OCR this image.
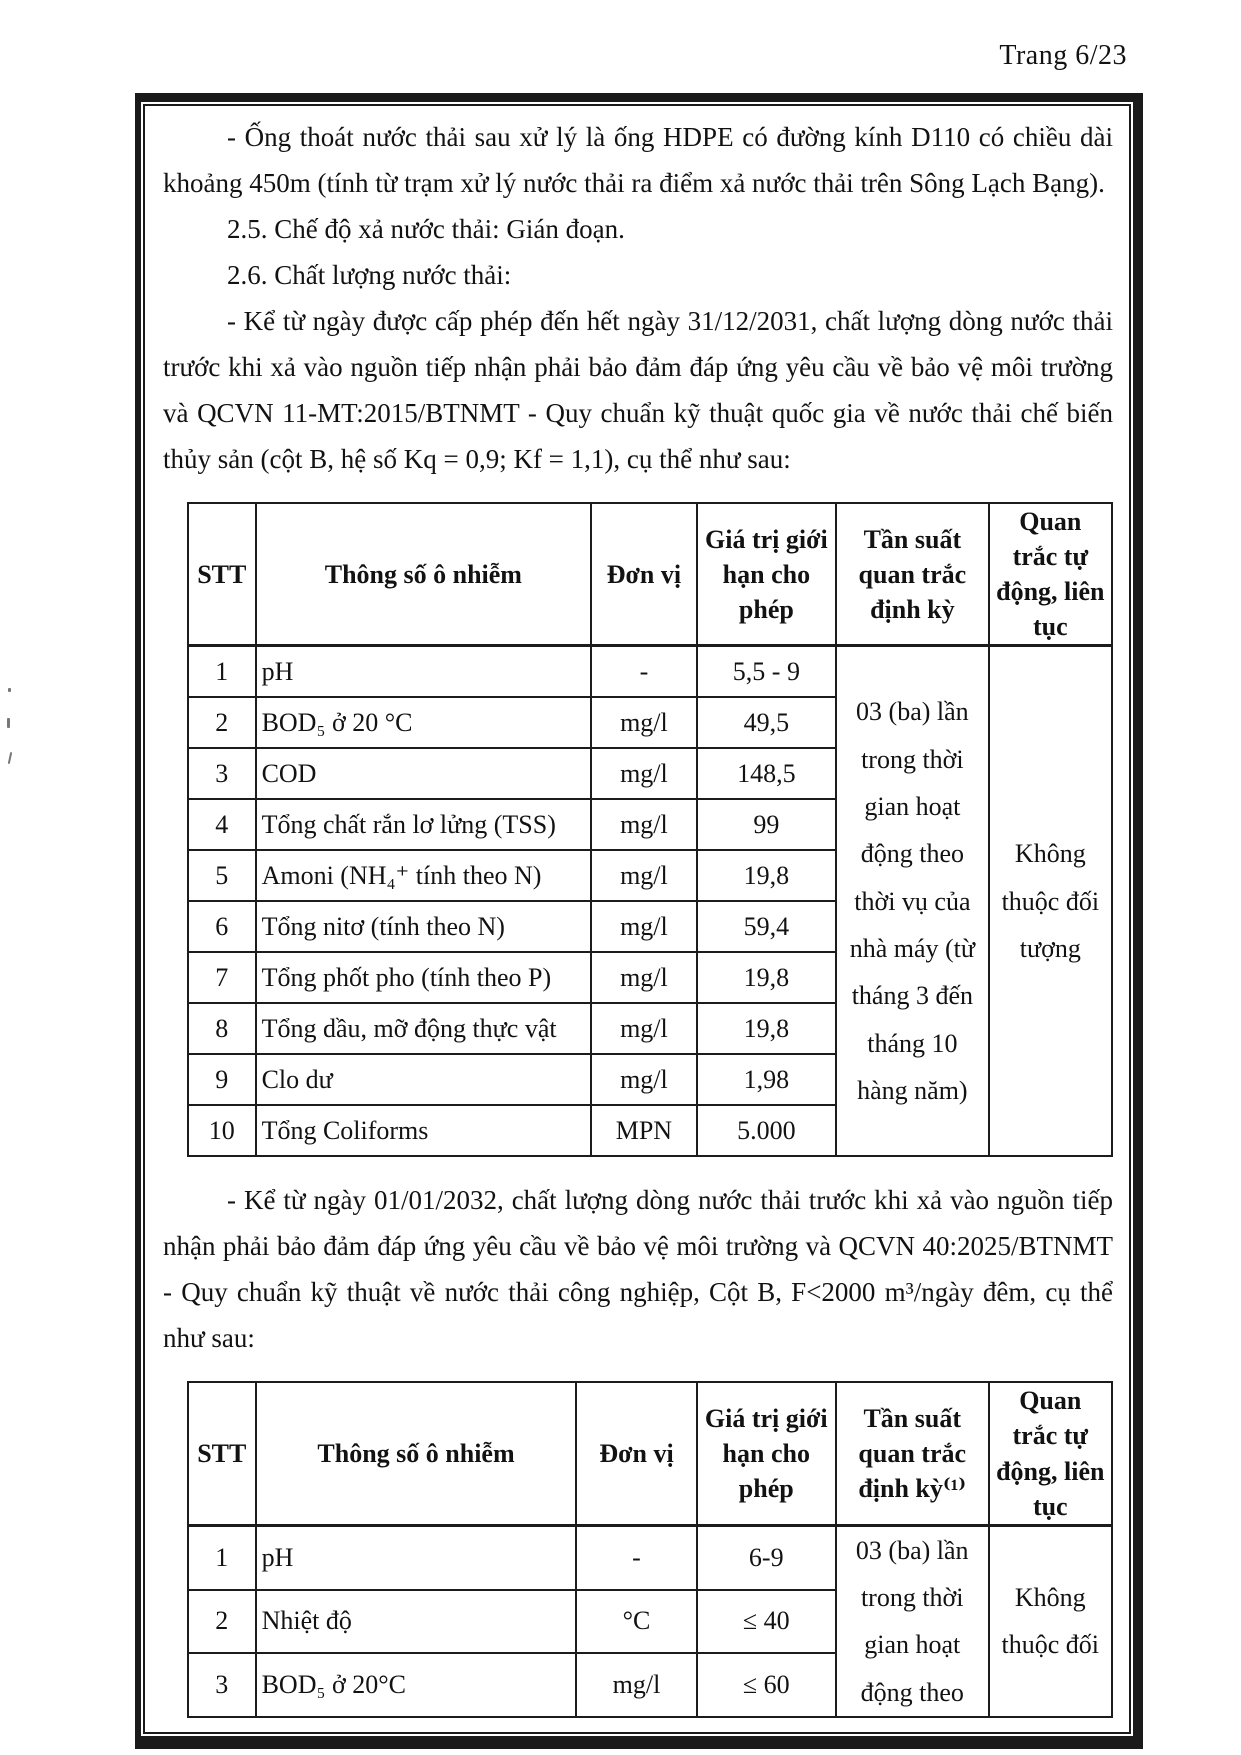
Trang 6/23

- Ống thoát nước thải sau xử lý là ống HDPE có đường kính D110 có chiều dài khoảng 450m (tính từ trạm xử lý nước thải ra điểm xả nước thải trên Sông Lạch Bạng).

2.5. Chế độ xả nước thải: Gián đoạn.

2.6. Chất lượng nước thải:

- Kể từ ngày được cấp phép đến hết ngày 31/12/2031, chất lượng dòng nước thải trước khi xả vào nguồn tiếp nhận phải bảo đảm đáp ứng yêu cầu về bảo vệ môi trường và QCVN 11-MT:2015/BTNMT - Quy chuẩn kỹ thuật quốc gia về nước thải chế biến thủy sản (cột B, hệ số Kq = 0,9; Kf = 1,1), cụ thể như sau:

STT	Thông số ô nhiễm	Đơn vị	Giá trị giới hạn cho phép	Tần suất quan trắc định kỳ	Quan trắc tự động, liên tục
1	pH	-	5,5 - 9	03 (ba) lần trong thời gian hoạt động theo thời vụ của nhà máy (từ tháng 3 đến tháng 10 hàng năm)	Không thuộc đối tượng
2	BOD₅ ở 20 °C	mg/l	49,5		
3	COD	mg/l	148,5		
4	Tổng chất rắn lơ lửng (TSS)	mg/l	99		
5	Amoni (NH₄⁺ tính theo N)	mg/l	19,8		
6	Tổng nitơ (tính theo N)	mg/l	59,4		
7	Tổng phốt pho (tính theo P)	mg/l	19,8		
8	Tổng dầu, mỡ động thực vật	mg/l	19,8		
9	Clo dư	mg/l	1,98		
10	Tổng Coliforms	MPN	5.000		

- Kể từ ngày 01/01/2032, chất lượng dòng nước thải trước khi xả vào nguồn tiếp nhận phải bảo đảm đáp ứng yêu cầu về bảo vệ môi trường và QCVN 40:2025/BTNMT - Quy chuẩn kỹ thuật về nước thải công nghiệp, Cột B, F<2000 m³/ngày đêm, cụ thể như sau:

STT	Thông số ô nhiễm	Đơn vị	Giá trị giới hạn cho phép	Tần suất quan trắc định kỳ⁽¹⁾	Quan trắc tự động, liên tục
1	pH	-	6-9	03 (ba) lần trong thời gian hoạt động theo	Không thuộc đối
2	Nhiệt độ	°C	≤ 40		
3	BOD₅ ở 20°C	mg/l	≤ 60		
